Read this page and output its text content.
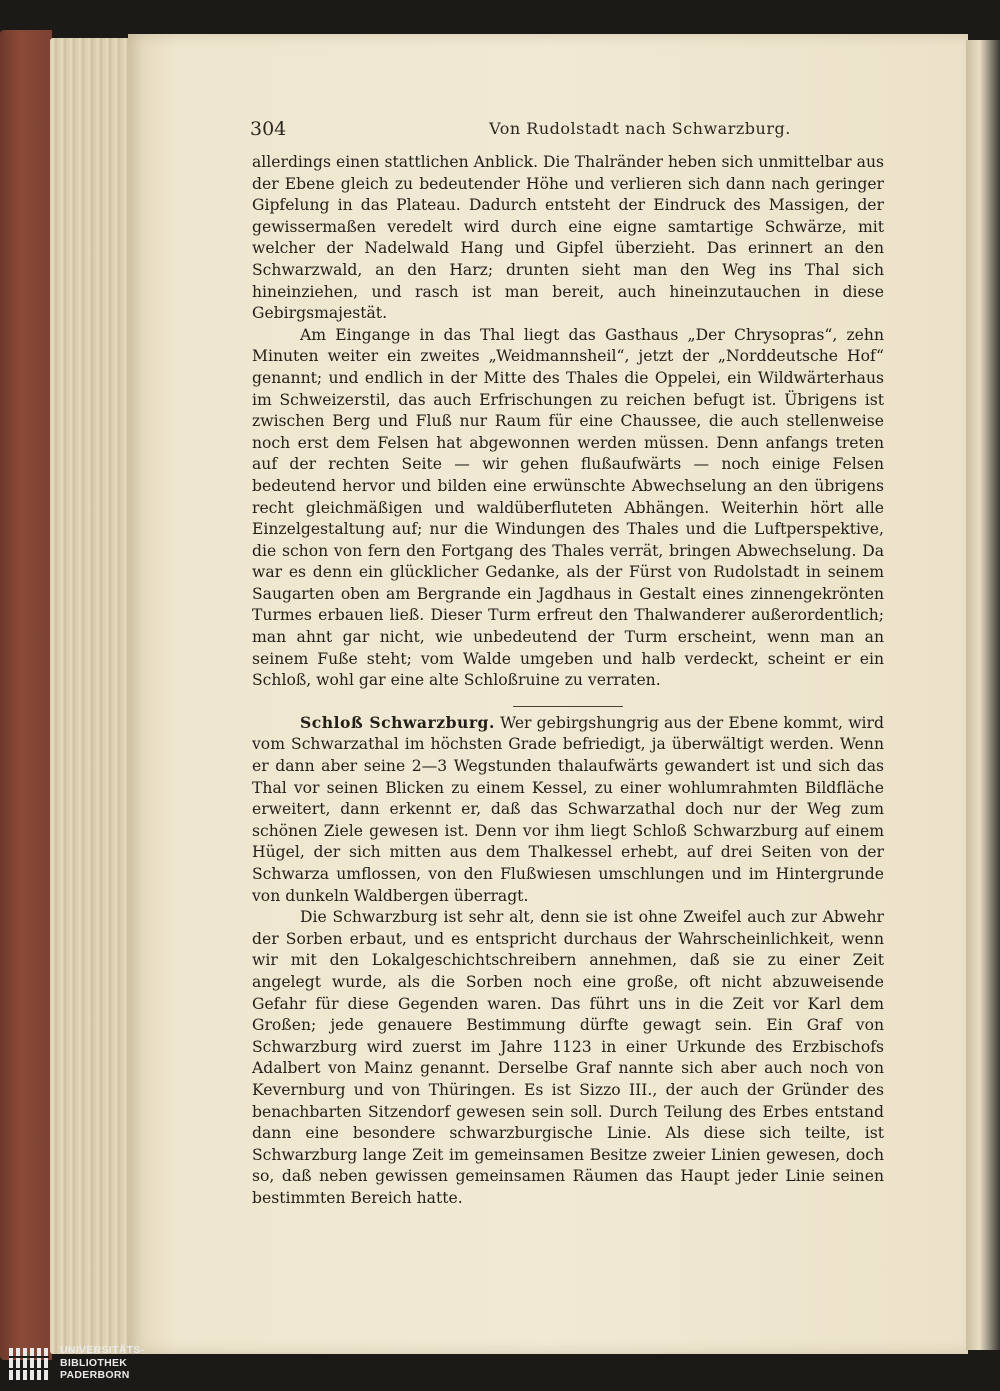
304	Von Rudolstadt nach Schwarzburg.

allerdings einen stattlichen Anblick. Die Thalränder heben sich unmittelbar aus der Ebene gleich zu bedeutender Höhe und verlieren sich dann nach geringer Gipfelung in das Plateau. Dadurch entsteht der Eindruck des Massigen, der gewissermaßen veredelt wird durch eine eigne samtartige Schwärze, mit welcher der Nadelwald Hang und Gipfel überzieht. Das erinnert an den Schwarzwald, an den Harz; drunten sieht man den Weg ins Thal sich hineinziehen, und rasch ist man bereit, auch hineinzutauchen in diese Gebirgsmajestät.

Am Eingange in das Thal liegt das Gasthaus „Der Chrysopras“, zehn Minuten weiter ein zweites „Weidmannsheil“, jetzt der „Norddeutsche Hof“ genannt; und endlich in der Mitte des Thales die Oppelei, ein Wildwärterhaus im Schweizerstil, das auch Erfrischungen zu reichen befugt ist. Übrigens ist zwischen Berg und Fluß nur Raum für eine Chaussee, die auch stellenweise noch erst dem Felsen hat abgewonnen werden müssen. Denn anfangs treten auf der rechten Seite — wir gehen flußaufwärts — noch einige Felsen bedeutend hervor und bilden eine erwünschte Abwechselung an den übrigens recht gleichmäßigen und waldüberfluteten Abhängen. Weiterhin hört alle Einzelgestaltung auf; nur die Windungen des Thales und die Luftperspektive, die schon von fern den Fortgang des Thales verrät, bringen Abwechselung. Da war es denn ein glücklicher Gedanke, als der Fürst von Rudolstadt in seinem Saugarten oben am Bergrande ein Jagdhaus in Gestalt eines zinnengekrönten Turmes erbauen ließ. Dieser Turm erfreut den Thalwanderer außerordentlich; man ahnt gar nicht, wie unbedeutend der Turm erscheint, wenn man an seinem Fuße steht; vom Walde umgeben und halb verdeckt, scheint er ein Schloß, wohl gar eine alte Schloßruine zu verraten.

Schloß Schwarzburg. Wer gebirgshungrig aus der Ebene kommt, wird vom Schwarzathal im höchsten Grade befriedigt, ja überwältigt werden. Wenn er dann aber seine 2—3 Wegstunden thalaufwärts gewandert ist und sich das Thal vor seinen Blicken zu einem Kessel, zu einer wohlumrahmten Bildfläche erweitert, dann erkennt er, daß das Schwarzathal doch nur der Weg zum schönen Ziele gewesen ist. Denn vor ihm liegt Schloß Schwarzburg auf einem Hügel, der sich mitten aus dem Thalkessel erhebt, auf drei Seiten von der Schwarza umflossen, von den Flußwiesen umschlungen und im Hintergrunde von dunkeln Waldbergen überragt.

Die Schwarzburg ist sehr alt, denn sie ist ohne Zweifel auch zur Abwehr der Sorben erbaut, und es entspricht durchaus der Wahrscheinlichkeit, wenn wir mit den Lokalgeschichtschreibern annehmen, daß sie zu einer Zeit angelegt wurde, als die Sorben noch eine große, oft nicht abzuweisende Gefahr für diese Gegenden waren. Das führt uns in die Zeit vor Karl dem Großen; jede genauere Bestimmung dürfte gewagt sein. Ein Graf von Schwarzburg wird zuerst im Jahre 1123 in einer Urkunde des Erzbischofs Adalbert von Mainz genannt. Derselbe Graf nannte sich aber auch noch von Kevernburg und von Thüringen. Es ist Sizzo III., der auch der Gründer des benachbarten Sitzendorf gewesen sein soll. Durch Teilung des Erbes entstand dann eine besondere schwarzburgische Linie. Als diese sich teilte, ist Schwarzburg lange Zeit im gemeinsamen Besitze zweier Linien gewesen, doch so, daß neben gewissen gemeinsamen Räumen das Haupt jeder Linie seinen bestimmten Bereich hatte.

UNIVERSITÄTS-
BIBLIOTHEK
PADERBORN
